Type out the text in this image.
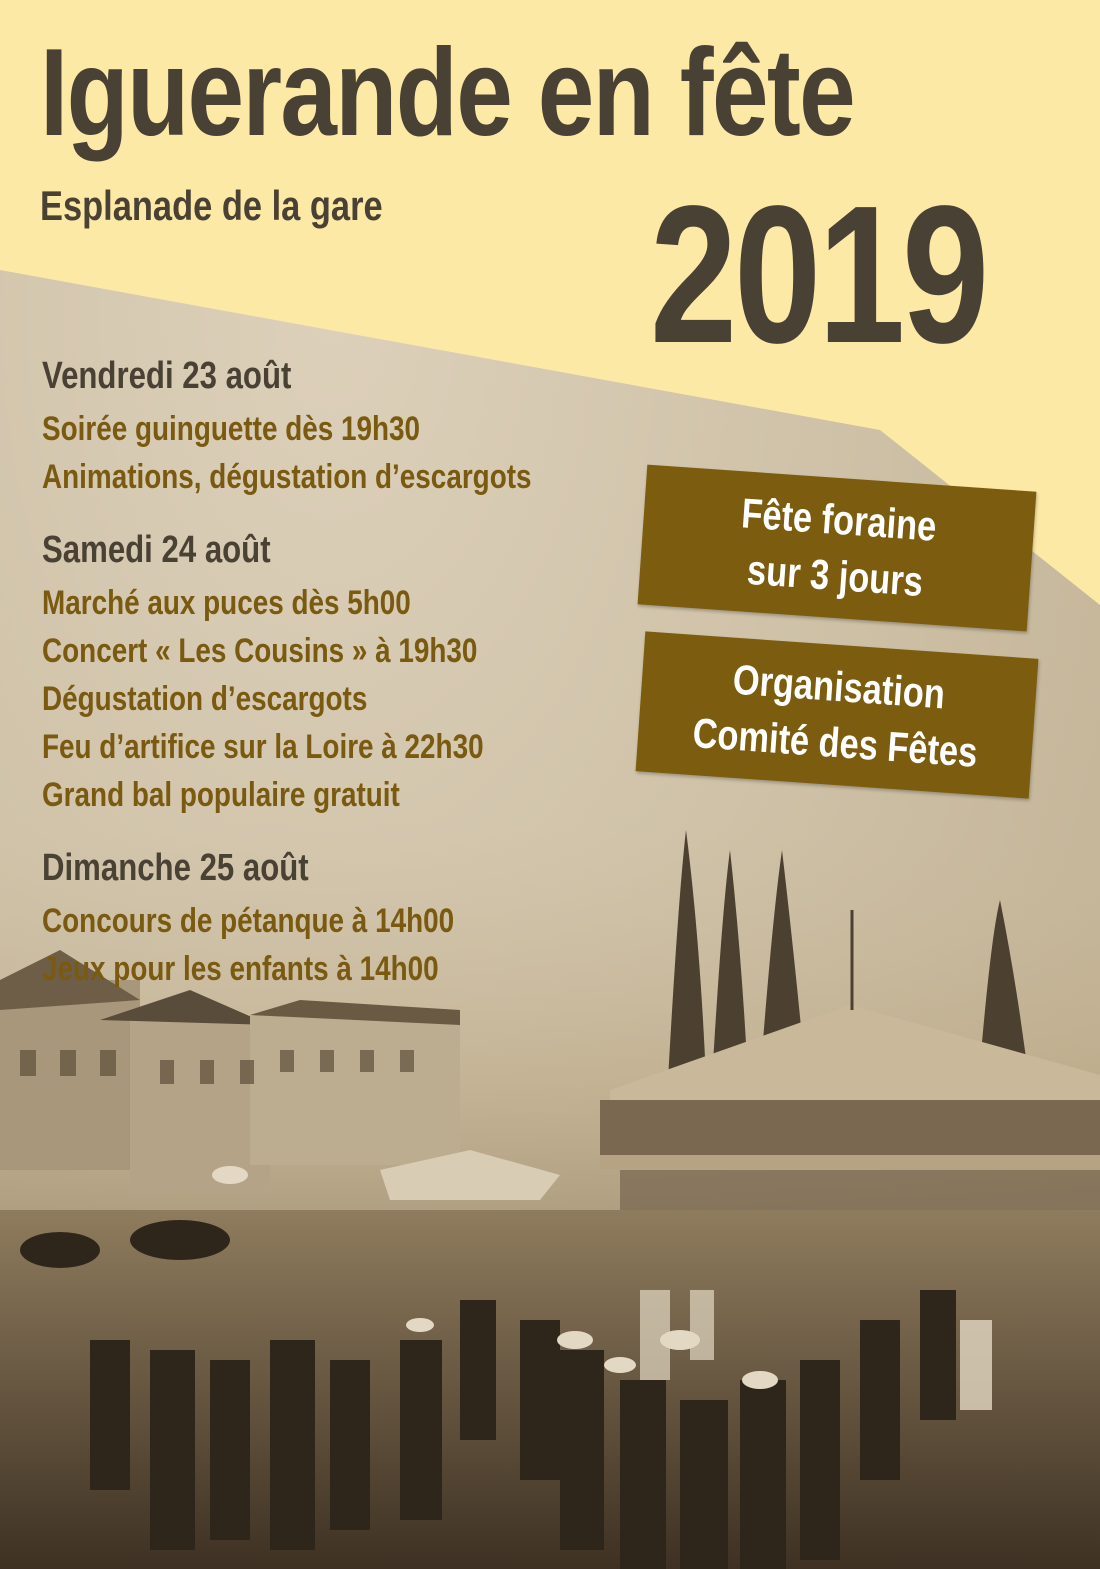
Iguerande en fête
Esplanade de la gare 2019
Vendredi 23 août
Soirée guinguette dès 19h30
Animations, dégustation d’escargots
Samedi 24 août
Marché aux puces dès 5h00
Concert « Les Cousins » à 19h30
Dégustation d’escargots
Feu d’artifice sur la Loire à 22h30
Grand bal populaire gratuit
Dimanche 25 août
Concours de pétanque à 14h00
Jeux pour les enfants à 14h00
Fête foraine
sur 3 jours
Organisation
Comité des Fêtes
